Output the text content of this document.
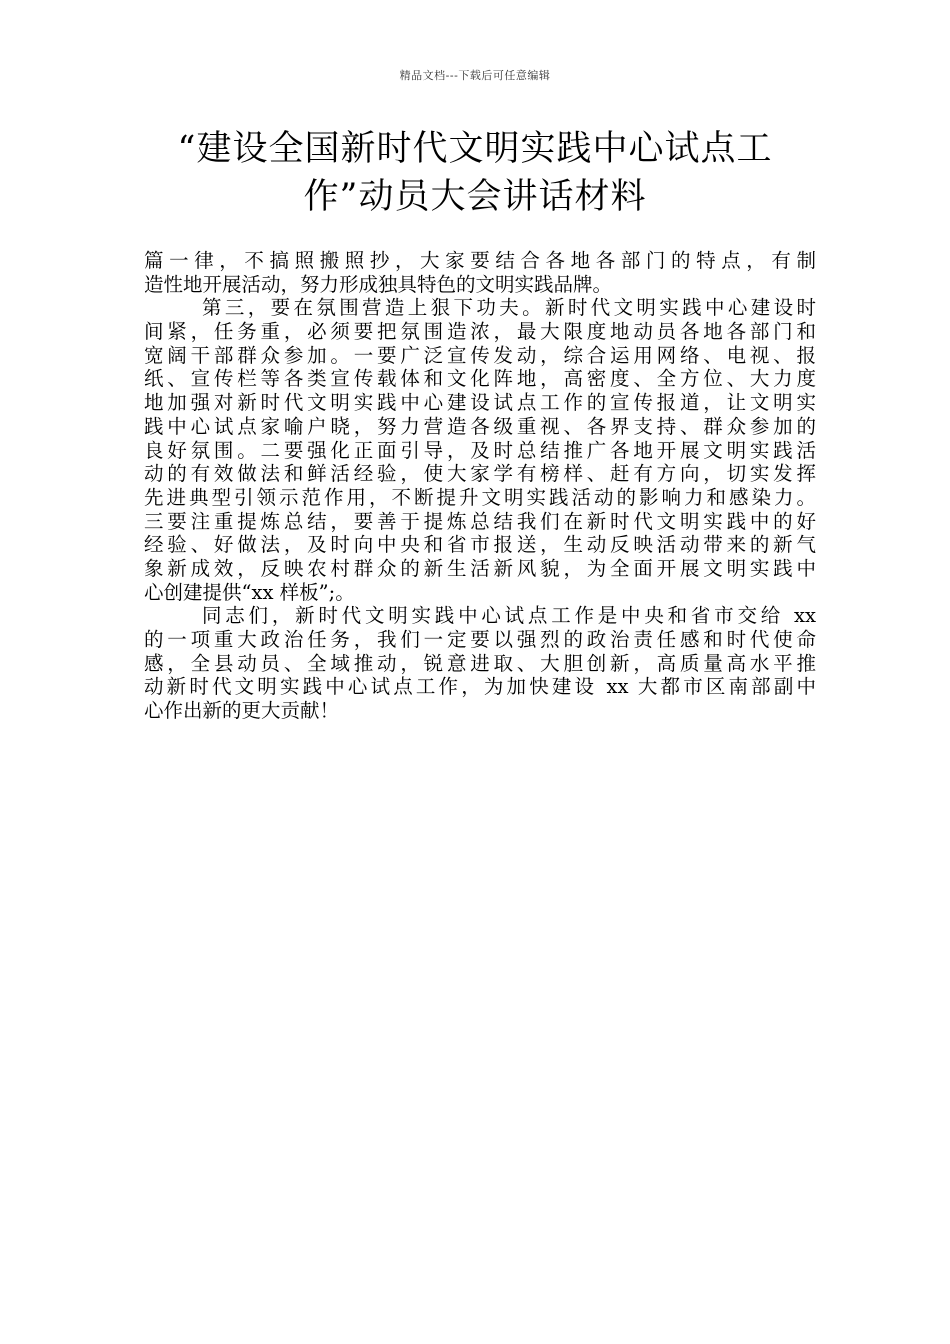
精品文档---下载后可任意编辑
“建设全国新时代文明实践中心试点工
作”动员大会讲话材料
篇一律，不搞照搬照抄，大家要结合各地各部门的特点，有制
造性地开展活动，努力形成独具特色的文明实践品牌。
第三，要在氛围营造上狠下功夫。新时代文明实践中心建设时
间紧，任务重，必须要把氛围造浓，最大限度地动员各地各部门和
宽阔干部群众参加。一要广泛宣传发动，综合运用网络、电视、报
纸、宣传栏等各类宣传载体和文化阵地，高密度、全方位、大力度
地加强对新时代文明实践中心建设试点工作的宣传报道，让文明实
践中心试点家喻户晓，努力营造各级重视、各界支持、群众参加的
良好氛围。二要强化正面引导，及时总结推广各地开展文明实践活
动的有效做法和鲜活经验，使大家学有榜样、赶有方向，切实发挥
先进典型引领示范作用，不断提升文明实践活动的影响力和感染力。
三要注重提炼总结，要善于提炼总结我们在新时代文明实践中的好
经验、好做法，及时向中央和省市报送，生动反映活动带来的新气
象新成效，反映农村群众的新生活新风貌，为全面开展文明实践中
心创建提供“xx 样板”;。
同志们，新时代文明实践中心试点工作是中央和省市交给 xx
的一项重大政治任务，我们一定要以强烈的政治责任感和时代使命
感，全县动员、全域推动，锐意进取、大胆创新，高质量高水平推
动新时代文明实践中心试点工作，为加快建设 xx 大都市区南部副中
心作出新的更大贡献！
